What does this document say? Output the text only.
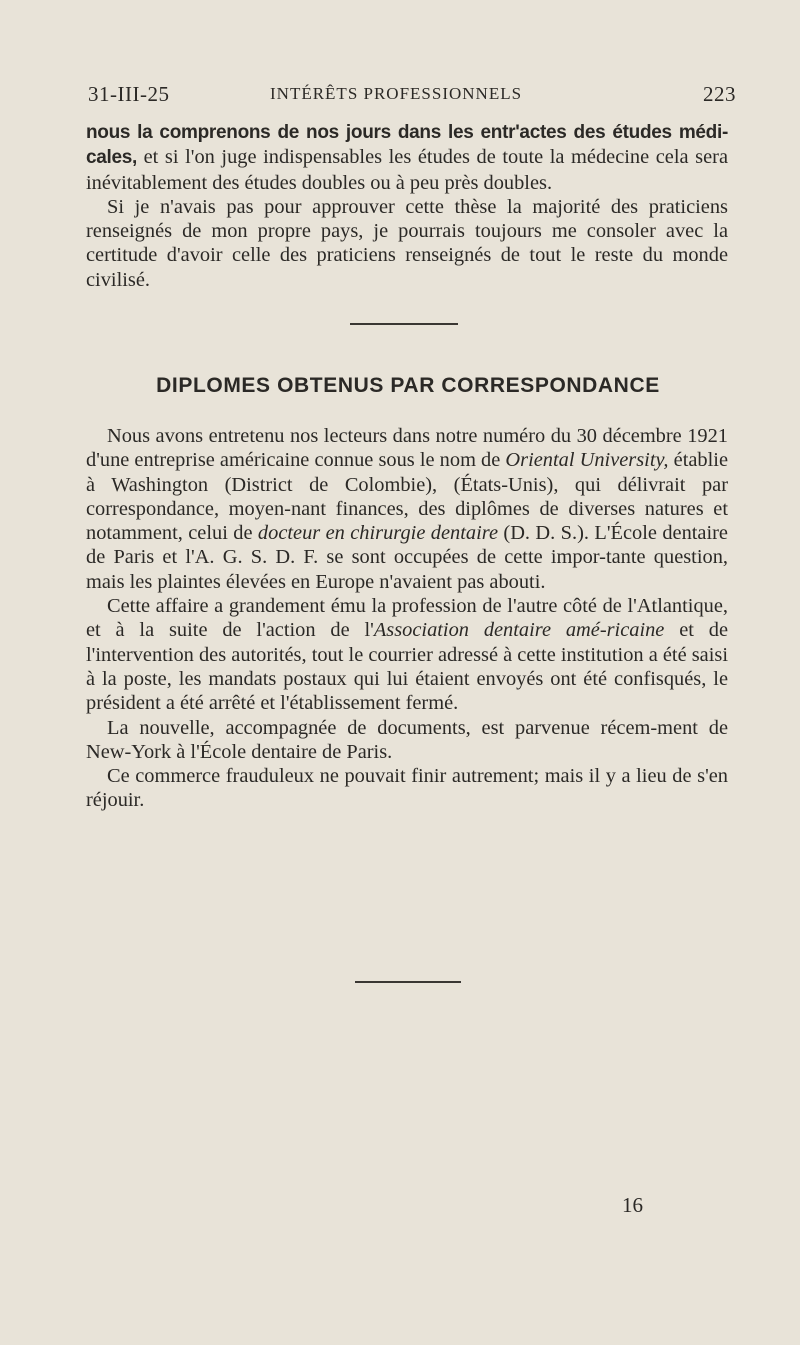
31-III-25	INTÉRÊTS PROFESSIONNELS	223

nous la comprenons de nos jours dans les entr'actes des études médi-cales, et si l'on juge indispensables les études de toute la médecine cela sera inévitablement des études doubles ou à peu près doubles.

Si je n'avais pas pour approuver cette thèse la majorité des praticiens renseignés de mon propre pays, je pourrais toujours me consoler avec la certitude d'avoir celle des praticiens renseignés de tout le reste du monde civilisé.

DIPLOMES OBTENUS PAR CORRESPONDANCE

Nous avons entretenu nos lecteurs dans notre numéro du 30 décembre 1921 d'une entreprise américaine connue sous le nom de Oriental University, établie à Washington (District de Colombie), (États-Unis), qui délivrait par correspondance, moyen-nant finances, des diplômes de diverses natures et notamment, celui de docteur en chirurgie dentaire (D. D. S.). L'École dentaire de Paris et l'A. G. S. D. F. se sont occupées de cette impor-tante question, mais les plaintes élevées en Europe n'avaient pas abouti.

Cette affaire a grandement ému la profession de l'autre côté de l'Atlantique, et à la suite de l'action de l'Association dentaire amé-ricaine et de l'intervention des autorités, tout le courrier adressé à cette institution a été saisi à la poste, les mandats postaux qui lui étaient envoyés ont été confisqués, le président a été arrêté et l'établissement fermé.

La nouvelle, accompagnée de documents, est parvenue récem-ment de New-York à l'École dentaire de Paris.

Ce commerce frauduleux ne pouvait finir autrement; mais il y a lieu de s'en réjouir.

16
